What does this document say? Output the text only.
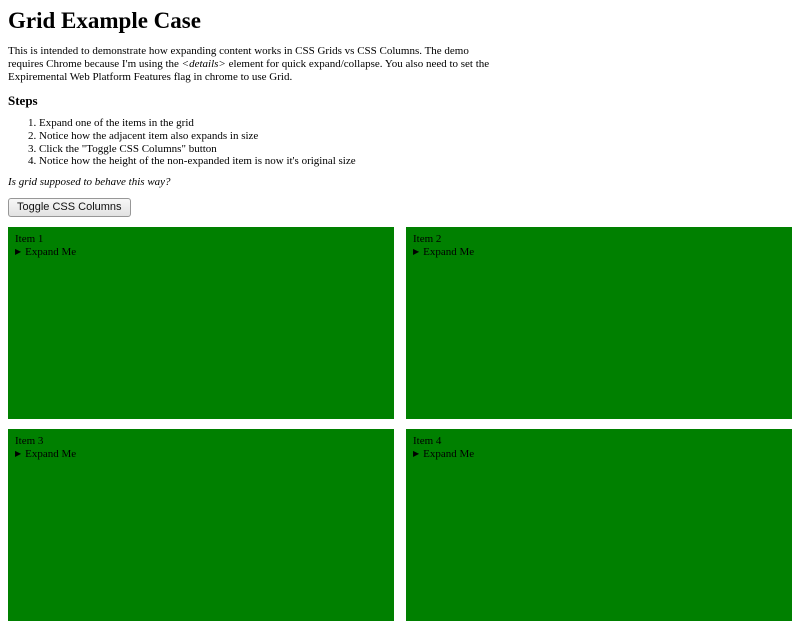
Grid Example Case

This is intended to demonstrate how expanding content works in CSS Grids vs CSS Columns. The demo requires Chrome because I'm using the <details> element for quick expand/collapse. You also need to set the Expiremental Web Platform Features flag in chrome to use Grid.

Steps
1. Expand one of the items in the grid
2. Notice how the adjacent item also expands in size
3. Click the "Toggle CSS Columns" button
4. Notice how the height of the non-expanded item is now it's original size

Is grid supposed to behave this way?

Toggle CSS Columns
Item 1
▶ Expand Me
Item 2
▶ Expand Me
Item 3
▶ Expand Me
Item 4
▶ Expand Me
